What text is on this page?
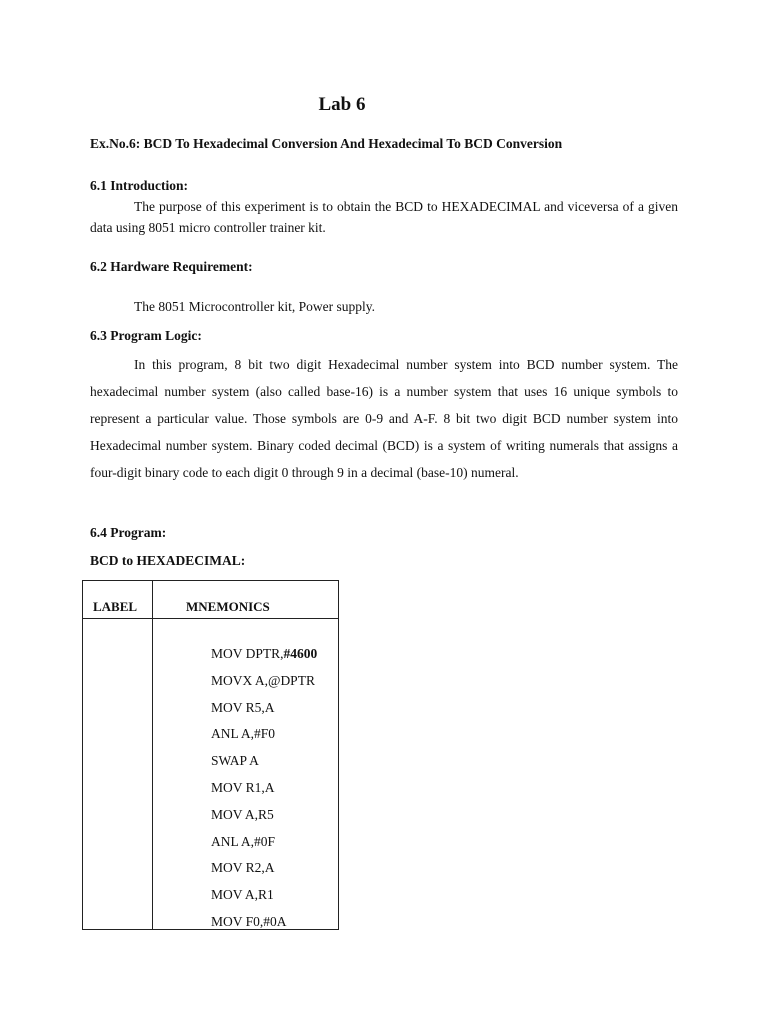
Lab 6
Ex.No.6: BCD To Hexadecimal Conversion And Hexadecimal To BCD Conversion
6.1 Introduction:

The purpose of this experiment is to obtain the BCD to HEXADECIMAL and viceversa of a given data using 8051 micro controller trainer kit.

6.2 Hardware Requirement:
The 8051 Microcontroller kit, Power supply.
6.3 Program Logic:

In this program, 8 bit two digit Hexadecimal number system into BCD number system. The hexadecimal number system (also called base-16) is a number system that uses 16 unique symbols to represent a particular value. Those symbols are 0-9 and A-F. 8 bit two digit BCD number system into Hexadecimal number system. Binary coded decimal (BCD) is a system of writing numerals that assigns a four-digit binary code to each digit 0 through 9 in a decimal (base-10) numeral.

6.4 Program:
BCD to HEXADECIMAL:
LABEL	MNEMONICS
MOV DPTR,#4600
MOVX A,@DPTR
MOV R5,A
ANL A,#F0
SWAP A
MOV R1,A
MOV A,R5
ANL A,#0F
MOV R2,A
MOV A,R1
MOV F0,#0A
